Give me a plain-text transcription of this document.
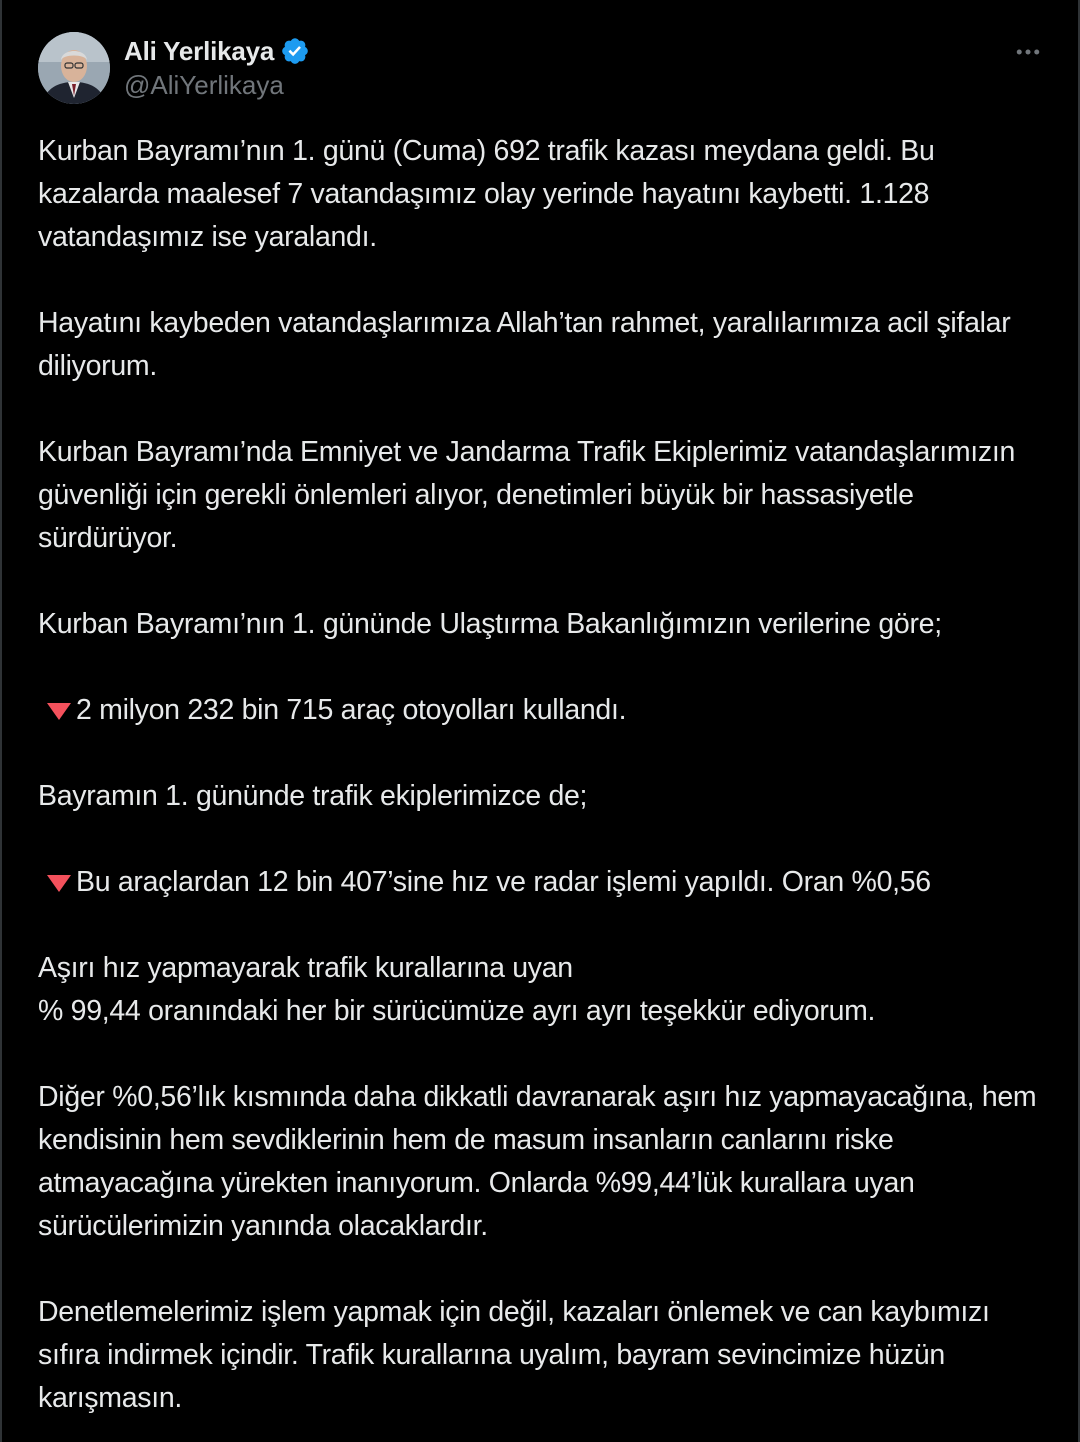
Ali Yerlikaya
@AliYerlikaya

Kurban Bayramı’nın 1. günü (Cuma) 692 trafik kazası meydana geldi. Bu kazalarda maalesef 7 vatandaşımız olay yerinde hayatını kaybetti. 1.128 vatandaşımız ise yaralandı.

Hayatını kaybeden vatandaşlarımıza Allah’tan rahmet, yaralılarımıza acil şifalar diliyorum.

Kurban Bayramı’nda Emniyet ve Jandarma Trafik Ekiplerimiz vatandaşlarımızın güvenliği için gerekli önlemleri alıyor, denetimleri büyük bir hassasiyetle sürdürüyor.

Kurban Bayramı’nın 1. gününde Ulaştırma Bakanlığımızın verilerine göre;

2 milyon 232 bin 715 araç otoyolları kullandı.

Bayramın 1. gününde trafik ekiplerimizce de;

Bu araçlardan 12 bin 407’sine hız ve radar işlemi yapıldı. Oran %0,56

Aşırı hız yapmayarak trafik kurallarına uyan
% 99,44 oranındaki her bir sürücümüze ayrı ayrı teşekkür ediyorum.

Diğer %0,56’lık kısmında daha dikkatli davranarak aşırı hız yapmayacağına, hem kendisinin hem sevdiklerinin hem de masum insanların canlarını riske atmayacağına yürekten inanıyorum. Onlarda %99,44’lük kurallara uyan sürücülerimizin yanında olacaklardır.

Denetlemelerimiz işlem yapmak için değil, kazaları önlemek ve can kaybımızı sıfıra indirmek içindir. Trafik kurallarına uyalım, bayram sevincimize hüzün karışmasın.
